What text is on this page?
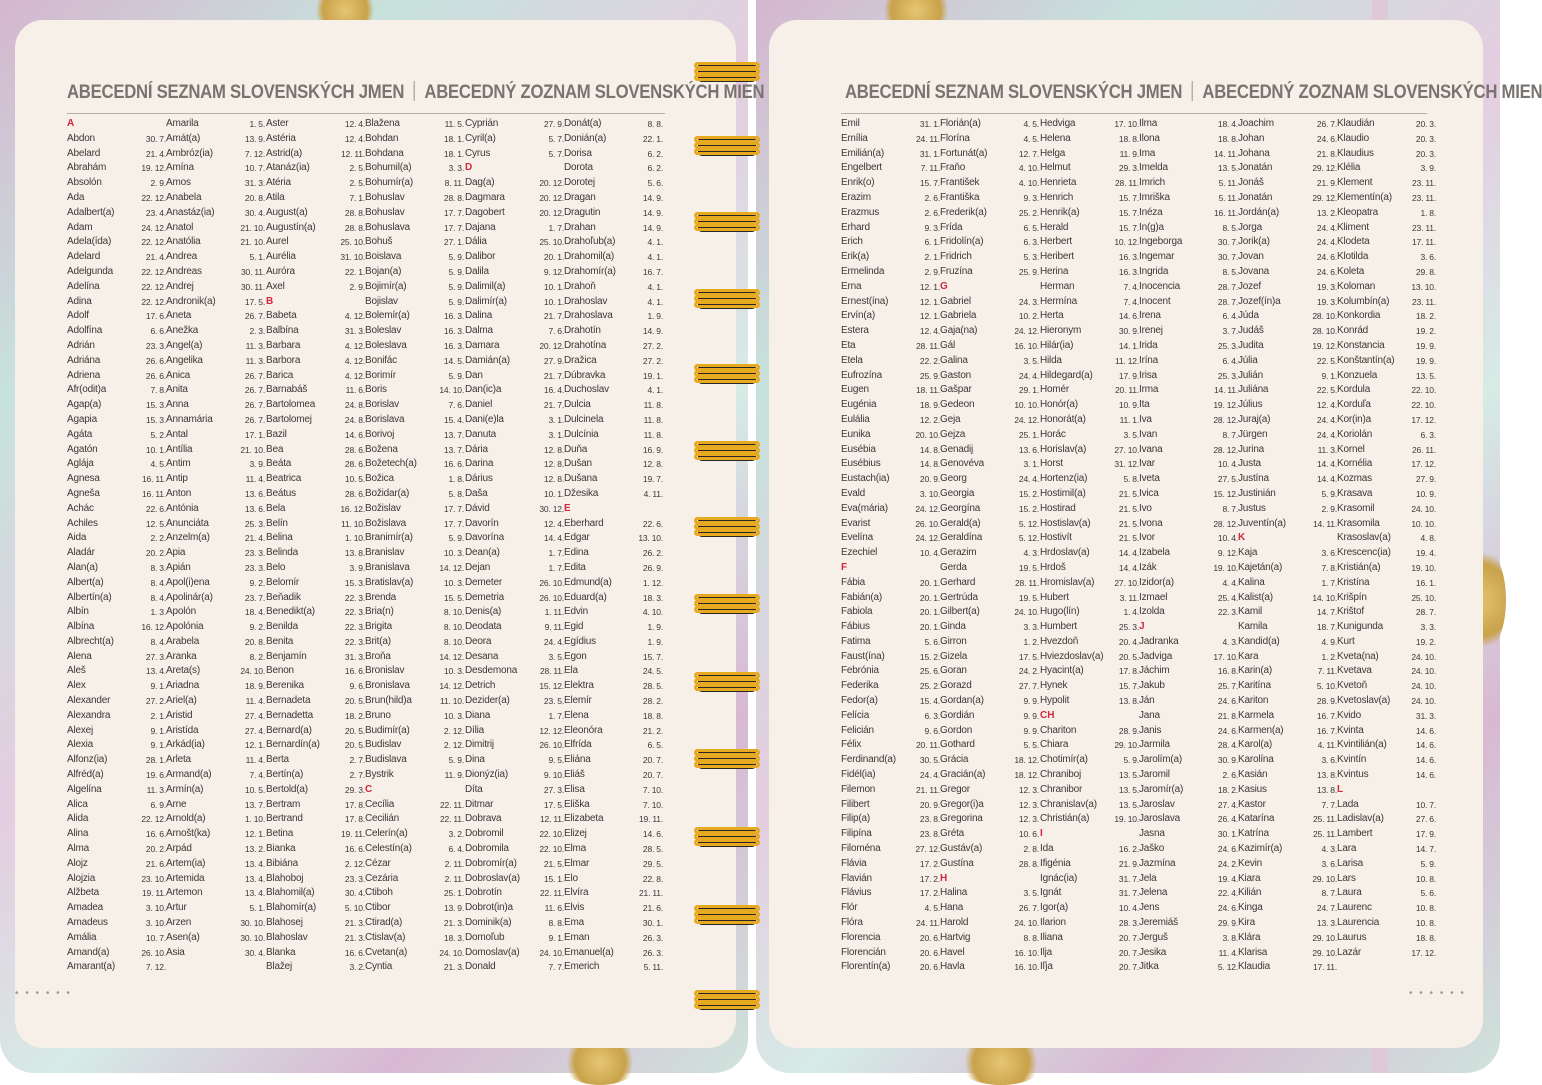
ABECEDNÍ SEZNAM SLOVENSKÝCH JMEN ABECEDNÝ ZOZNAM SLOVENSKÝCH MIEN
A
Abdon	30. 7.
Abelard	21. 4.
Abrahám	19. 12.
Absolón	2. 9.
Ada	22. 12.
Adalbert(a)	23. 4.
Adam	24. 12.
Adela(ída)	22. 12.
Adelard	21. 4.
Adelgunda	22. 12.
Adelína	22. 12.
Adina	22. 12.
Adolf	17. 6.
Adolfína	6. 6.
Adrián	23. 3.
Adriána	26. 6.
Adriena	26. 6.
Afr(odit)a	7. 8.
Agap(a)	15. 3.
Agapia	15. 3.
Agáta	5. 2.
Agatón	10. 1.
Aglája	4. 5.
Agnesa	16. 11.
Agneša	16. 11.
Achác	22. 6.
Achiles	12. 5.
Aida	2. 2.
Aladár	20. 2.
Alan(a)	8. 3.
Albert(a)	8. 4.
Albertín(a)	8. 4.
Albín	1. 3.
Albína	16. 12.
Albrecht(a)	8. 4.
Alena	27. 3.
Aleš	13. 4.
Alex	9. 1.
Alexander	27. 2.
Alexandra	2. 1.
Alexej	9. 1.
Alexia	9. 1.
Alfonz(ia)	28. 1.
Alfréd(a)	19. 6.
Algelína	11. 3.
Alica	6. 9.
Alida	22. 12.
Alina	16. 6.
Alma	20. 2.
Alojz	21. 6.
Alojzia	23. 10.
Alžbeta	19. 11.
Amadea	3. 10.
Amadeus	3. 10.
Amália	10. 7.
Amand(a)	26. 10.
Amarant(a)	7. 12.
Amarila	1. 5.
Amát(a)	13. 9.
Ambróz(ia)	7. 12.
Amína	10. 7.
Amos	31. 3.
Anabela	20. 8.
Anastáz(ia)	30. 4.
Anatol	21. 10.
Anatólia	21. 10.
Andrea	5. 1.
Andreas	30. 11.
Andrej	30. 11.
Andronik(a)	17. 5.
Aneta	26. 7.
Anežka	2. 3.
Angel(a)	11. 3.
Angelika	11. 3.
Anica	26. 7.
Anita	26. 7.
Anna	26. 7.
Annamária	26. 7.
Antal	17. 1.
Antília	21. 10.
Antim	3. 9.
Antip	11. 4.
Anton	13. 6.
Antónia	13. 6.
Anunciáta	25. 3.
Anzelm(a)	21. 4.
Apia	23. 3.
Apián	23. 3.
Apol(i)ena	9. 2.
Apolinár(a)	23. 7.
Apolón	18. 4.
Apolónia	9. 2.
Arabela	20. 8.
Aranka	8. 2.
Areta(s)	24. 10.
Ariadna	18. 9.
Ariel(a)	11. 4.
Aristid	27. 4.
Aristída	27. 4.
Arkád(ia)	12. 1.
Arleta	11. 4.
Armand(a)	7. 4.
Armín(a)	10. 5.
Arne	13. 7.
Arnold(a)	1. 10.
Arnošt(ka)	12. 1.
Arpád	13. 2.
Artem(ia)	13. 4.
Artemida	13. 4.
Artemon	13. 4.
Artur	5. 1.
Arzen	30. 10.
Asen(a)	30. 10.
Asia	30. 4.
Aster	12. 4.
Astéria	12. 4.
Astrid(a)	12. 11.
Atanáz(ia)	2. 5.
Atéria	2. 5.
Atila	7. 1.
August(a)	28. 8.
Augustín(a)	28. 8.
Aurel	25. 10.
Aurélia	31. 10.
Auróra	22. 1.
Axel	2. 9.
B
Babeta	4. 12.
Balbína	31. 3.
Barbara	4. 12.
Barbora	4. 12.
Barica	4. 12.
Barnabáš	11. 6.
Bartolomea	24. 8.
Bartolomej	24. 8.
Bazil	14. 6.
Bea	28. 6.
Beáta	28. 6.
Beatrica	10. 5.
Beátus	28. 6.
Bela	16. 12.
Belín	11. 10.
Belina	1. 10.
Belinda	13. 8.
Belo	3. 9.
Belomír	15. 3.
Beňadik	22. 3.
Benedikt(a)	22. 3.
Benilda	22. 3.
Benita	22. 3.
Benjamín	31. 3.
Benon	16. 6.
Berenika	9. 6.
Bernadeta	20. 5.
Bernadetta	18. 2.
Bernard(a)	20. 5.
Bernardín(a)	20. 5.
Berta	2. 7.
Bertín(a)	2. 7.
Bertold(a)	29. 3.
Bertram	17. 8.
Bertrand	17. 8.
Betina	19. 11.
Bianka	16. 6.
Bibiána	2. 12.
Blahoboj	23. 3.
Blahomil(a)	30. 4.
Blahomír(a)	5. 10.
Blahosej	21. 3.
Blahoslav	21. 3.
Blanka	16. 6.
Blažej	3. 2.
Blažena	11. 5.
Bohdan	18. 1.
Bohdana	18. 1.
Bohumil(a)	3. 3.
Bohumír(a)	8. 11.
Bohuslav	28. 8.
Bohuslav	17. 7.
Bohuslava	17. 7.
Bohuš	27. 1.
Boislava	5. 9.
Bojan(a)	5. 9.
Bojimír(a)	5. 9.
Bojislav	5. 9.
Bolemír(a)	16. 3.
Boleslav	16. 3.
Boleslava	16. 3.
Bonifác	14. 5.
Borimír	5. 9.
Boris	14. 10.
Borislav	7. 6.
Borislava	15. 4.
Borivoj	13. 7.
Božena	13. 7.
Božetech(a)	16. 6.
Božica	1. 8.
Božidar(a)	5. 8.
Božislav	17. 7.
Božislava	17. 7.
Branimír(a)	5. 9.
Branislav	10. 3.
Branislava	14. 12.
Bratislav(a)	10. 3.
Brenda	15. 5.
Bria(n)	8. 10.
Brigita	8. 10.
Brit(a)	8. 10.
Broňa	14. 12.
Bronislav	10. 3.
Bronislava	14. 12.
Brun(hild)a	11. 10.
Bruno	10. 3.
Budimír(a)	2. 12.
Budislav	2. 12.
Budislava	5. 9.
Bystrik	11. 9.
C
Cecília	22. 11.
Cecilián	22. 11.
Celerín(a)	3. 2.
Celestín(a)	6. 4.
Cézar	2. 11.
Cezária	2. 11.
Ctiboh	25. 1.
Ctibor	13. 9.
Ctirad(a)	21. 3.
Ctislav(a)	18. 3.
Cvetan(a)	24. 10.
Cyntia	21. 3.
Cyprián	27. 9.
Cyril(a)	5. 7.
Cyrus	5. 7.
D
Dag(a)	20. 12.
Dagmara	20. 12.
Dagobert	20. 12.
Dajana	1. 7.
Dália	25. 10.
Dalibor	20. 1.
Dalila	9. 12.
Dalimil(a)	10. 1.
Dalimír(a)	10. 1.
Dalina	21. 7.
Dalma	7. 6.
Damara	20. 12.
Damián(a)	27. 9.
Dan	21. 7.
Dan(ic)a	16. 4.
Daniel	21. 7.
Dani(e)la	3. 1.
Danuta	3. 1.
Dária	12. 8.
Darina	12. 8.
Dárius	12. 8.
Daša	10. 1.
Dávid	30. 12.
Davorín	12. 4.
Davorína	14. 4.
Dean(a)	1. 7.
Dejan	1. 7.
Demeter	26. 10.
Demetria	26. 10.
Denis(a)	1. 11.
Deodata	9. 11.
Deora	24. 4.
Desana	3. 5.
Desdemona	28. 11.
Detrich	15. 12.
Dezider(a)	23. 5.
Diana	1. 7.
Dília	12. 12.
Dimitrij	26. 10.
Dina	9. 5.
Dionýz(ia)	9. 10.
Díta	27. 3.
Ditmar	17. 5.
Dobrava	12. 11.
Dobromil	22. 10.
Dobromila	22. 10.
Dobromír(a)	21. 5.
Dobroslav(a)	15. 1.
Dobrotín	22. 11.
Dobrot(in)a	11. 6.
Dominik(a)	8. 8.
Domoľub	9. 1.
Domoslav(a) 24. 10.
Donald	7. 7.
Donát(a)	8. 8.
Donián(a)	22. 1.
Dorisa	6. 2.
Dorota	6. 2.
Dorotej	5. 6.
Dragan	14. 9.
Dragutin	14. 9.
Drahan	14. 9.
Drahoľub(a)	4. 1.
Drahomil(a)	4. 1.
Drahomír(a)	16. 7.
Drahoň	4. 1.
Drahoslav	4. 1.
Drahoslava	1. 9.
Drahotín	14. 9.
Drahotína	27. 2.
Dražica	27. 2.
Dúbravka	19. 1.
Duchoslav	4. 1.
Dulcia	11. 8.
Dulcinela	11. 8.
Dulcínia	11. 8.
Duňa	16. 9.
Dušan	12. 8.
Dušana	19. 7.
Džesika	4. 11.
E
Eberhard	22. 6.
Edgar	13. 10.
Edina	26. 2.
Edita	26. 9.
Edmund(a)	1. 12.
Eduard(a)	18. 3.
Edvin	4. 10.
Egid	1. 9.
Egídius	1. 9.
Egon	15. 7.
Ela	24. 5.
Elektra	28. 5.
Elemír	28. 2.
Elena	18. 8.
Eleonóra	21. 2.
Elfrída	6. 5.
Eliána	20. 7.
Eliáš	20. 7.
Elisa	7. 10.
Eliška	7. 10.
Elizabeta	19. 11.
Elizej	14. 6.
Elma	28. 5.
Elmar	29. 5.
Elo	22. 8.
Elvíra	21. 11.
Elvis	21. 6.
Ema	30. 1.
Eman	26. 3.
Emanuel(a)	26. 3.
Emerich	5. 11.
• • • • • •
ABECEDNÍ SEZNAM SLOVENSKÝCH JMEN ABECEDNÝ ZOZNAM SLOVENSKÝCH MIEN
Emil	31. 1.
Emília	24. 11.
Emilián(a)	31. 1.
Engelbert	7. 11.
Enrik(o)	15. 7.
Erazim	2. 6.
Erazmus	2. 6.
Erhard	9. 3.
Erich	6. 1.
Erik(a)	2. 1.
Ermelinda	2. 9.
Erna	12. 1.
Ernest(ína)	12. 1.
Ervín(a)	12. 1.
Estera	12. 4.
Eta	28. 11.
Etela	22. 2.
Eufrozína	25. 9.
Eugen	18. 11.
Eugénia	18. 9.
Eulália	12. 2.
Eunika	20. 10.
Eusébia	14. 8.
Eusébius	14. 8.
Eustach(ia)	20. 9.
Evald	3. 10.
Eva(mária)	24. 12.
Evarist	26. 10.
Evelína	24. 12.
Ezechiel	10. 4.
F
Fábia	20. 1.
Fabián(a)	20. 1.
Fabiola	20. 1.
Fábius	20. 1.
Fatima	5. 6.
Faust(ína)	15. 2.
Febrónia	25. 6.
Federika	25. 2.
Fedor(a)	15. 4.
Felícia	6. 3.
Felicián	9. 6.
Félix	20. 11.
Ferdinand(a)	30. 5.
Fidél(ia)	24. 4.
Filemon	21. 11.
Filibert	20. 9.
Filip(a)	23. 8.
Filipína	23. 8.
Filoména	27. 12.
Flávia	17. 2.
Flavián	17. 2.
Flávius	17. 2.
Flór	4. 5.
Flóra	24. 11.
Florencia	20. 6.
Florencián	20. 6.
Florentín(a)	20. 6.
Florián(a)	4. 5.
Florína	4. 5.
Fortunát(a)	12. 7.
Fraňo	4. 10.
František	4. 10.
Františka	9. 3.
Frederik(a)	25. 2.
Frída	6. 5.
Fridolín(a)	6. 3.
Fridrich	5. 3.
Fruzína	25. 9.
G
Gabriel	24. 3.
Gabriela	10. 2.
Gaja(na)	24. 12.
Gál	16. 10.
Galina	3. 5.
Gaston	24. 4.
Gašpar	29. 1.
Gedeon	10. 10.
Geja	24. 12.
Gejza	25. 1.
Genadij	13. 6.
Genovéva	3. 1.
Georg	24. 4.
Georgia	15. 2.
Georgína	15. 2.
Gerald(a)	5. 12.
Geraldína	5. 12.
Gerazim	4. 3.
Gerda	19. 5.
Gerhard	28. 11.
Gertrúda	19. 5.
Gilbert(a)	24. 10.
Ginda	3. 3.
Girron	1. 2.
Gizela	17. 5.
Goran	24. 2.
Gorazd	27. 7.
Gordan(a)	9. 9.
Gordián	9. 9.
Gordon	9. 9.
Gothard	5. 5.
Grácia	18. 12.
Gracián(a)	18. 12.
Gregor	12. 3.
Gregor(i)a	12. 3.
Gregorina	12. 3.
Gréta	10. 6.
Gustáv(a)	2. 8.
Gustína	28. 8.
H
Halina	3. 5.
Hana	26. 7.
Harold	24. 10.
Hartvig	8. 8.
Havel	16. 10.
Havla	16. 10.
Hedviga	17. 10.
Helena	18. 8.
Helga	11. 9.
Helmut	29. 3.
Henrieta	28. 11.
Henrich	15. 7.
Henrik(a)	15. 7.
Herald	15. 7.
Herbert	10. 12.
Heribert	16. 3.
Herina	16. 3.
Herman	7. 4.
Hermína	7. 4.
Herta	14. 6.
Hieronym	30. 9.
Hilár(ia)	14. 1.
Hilda	11. 12.
Hildegard(a)	17. 9.
Homér	20. 11.
Honór(a)	10. 9.
Honorát(a)	11. 1.
Horác	3. 5.
Horislav(a)	27. 10.
Horst	31. 12.
Hortenz(ia)	5. 8.
Hostimil(a)	21. 5.
Hostirad	21. 5.
Hostislav(a)	21. 5.
Hostivít	21. 5.
Hrdoslav(a)	14. 4.
Hrdoš	14. 4.
Hromislav(a) 27. 10.
Hubert	3. 11.
Hugo(lín)	1. 4.
Humbert	25. 3.
Hvezdoň	20. 4.
Hviezdoslav(a) 20. 5.
Hyacint(a)	17. 8.
Hynek	15. 7.
Hypolit	13. 8.
CH
Chariton	28. 9.
Chiara	29. 10.
Chotimír(a)	5. 9.
Chraniboj	13. 5.
Chranibor	13. 5.
Chranislav(a)	13. 5.
Christián(a)	19. 10.
I
Ida	16. 2.
Ifigénia	21. 9.
Ignác(ia)	31. 7.
Ignát	31. 7.
Igor(a)	10. 4.
Ilarion	28. 3.
Iliana	20. 7.
Ilja	20. 7.
Iľja	20. 7.
Ilma	18. 4.
Ilona	18. 8.
Ima	14. 11.
Imelda	13. 5.
Imrich	5. 11.
Imriška	5. 11.
Inéza	16. 11.
In(g)a	8. 5.
Ingeborga	30. 7.
Ingemar	30. 7.
Ingrida	8. 5.
Inocencia	28. 7.
Inocent	28. 7.
Irena	6. 4.
Irenej	3. 7.
Irida	25. 3.
Irína	6. 4.
Irisa	25. 3.
Irma	14. 11.
Ita	19. 12.
Iva	28. 12.
Ivan	8. 7.
Ivana	28. 12.
Ivar	10. 4.
Iveta	27. 5.
Ivica	15. 12.
Ivo	8. 7.
Ivona	28. 12.
Ivor	10. 4.
Izabela	9. 12.
Izák	19. 10.
Izidor(a)	4. 4.
Izmael	25. 4.
Izolda	22. 3.
J
Jadranka	4. 3.
Jadviga	17. 10.
Jáchim	16. 8.
Jakub	25. 7.
Ján	24. 6.
Jana	21. 8.
Janis	24. 6.
Jarmila	28. 4.
Jarolím(a)	30. 9.
Jaromil	2. 6.
Jaromír(a)	18. 2.
Jaroslav	27. 4.
Jaroslava	26. 4.
Jasna	30. 1.
Jaško	24. 6.
Jazmína	24. 2.
Jela	19. 4.
Jelena	22. 4.
Jens	24. 6.
Jeremiáš	29. 9.
Jerguš	3. 8.
Jesika	11. 4.
Jitka	5. 12.
Joachim	26. 7.
Johan	24. 6.
Johana	21. 8.
Jonatán	29. 12.
Jonáš	21. 9.
Jonatán	29. 12.
Jordán(a)	13. 2.
Jorga	24. 4.
Jorik(a)	24. 4.
Jovan	24. 6.
Jovana	24. 6.
Jozef	19. 3.
Jozef(ín)a	19. 3.
Júda	28. 10.
Judáš	28. 10.
Judita	19. 12.
Júlia	22. 5.
Julián	9. 1.
Juliána	22. 5.
Július	12. 4.
Juraj(a)	24. 4.
Jürgen	24. 4.
Jurina	11. 3.
Justa	14. 4.
Justína	14. 4.
Justinián	5. 9.
Justus	2. 9.
Juventín(a)	14. 11.
K
Kaja	3. 6.
Kajetán(a)	7. 8.
Kalina	1. 7.
Kalist(a)	14. 10.
Kamil	14. 7.
Kamila	18. 7.
Kandid(a)	4. 9.
Kara	1. 2.
Karin(a)	7. 11.
Karitína	5. 10.
Kariton	28. 9.
Karmela	16. 7.
Karmen(a)	16. 7.
Karol(a)	4. 11.
Karolína	3. 6.
Kasián	13. 8.
Kasius	13. 8.
Kastor	7. 7.
Katarína	25. 11.
Katrína	25. 11.
Kazimír(a)	4. 3.
Kevin	3. 6.
Kiara	29. 10.
Kilián	8. 7.
Kinga	24. 7.
Kira	13. 3.
Klára	29. 10.
Klarisa	29. 10.
Klaudia	17. 11.
Klaudián	20. 3.
Klaudio	20. 3.
Klaudius	20. 3.
Klélia	3. 9.
Klement	23. 11.
Klementín(a) 23. 11.
Kleopatra	1. 8.
Kliment	23. 11.
Klodeta	17. 11.
Klotilda	3. 6.
Koleta	29. 8.
Koloman	13. 10.
Kolumbín(a)	23. 11.
Konkordia	18. 2.
Konrád	19. 2.
Konstancia	19. 9.
Konštantín(a)	19. 9.
Konzuela	13. 5.
Kordula	22. 10.
Korduľa	22. 10.
Kor(in)a	17. 12.
Koriolán	6. 3.
Kornel	26. 11.
Kornélia	17. 12.
Kozmas	27. 9.
Krasava	10. 9.
Krasomil	24. 10.
Krasomila	10. 10.
Krasoslav(a)	4. 8.
Krescenc(ia)	19. 4.
Kristián(a)	19. 10.
Kristína	16. 1.
Krišpín	25. 10.
Krištof	28. 7.
Kunigunda	3. 3.
Kurt	19. 2.
Kveta(na)	24. 10.
Kvetava	24. 10.
Kvetoň	24. 10.
Kvetoslav(a) 24. 10.
Kvido	31. 3.
Kvinta	14. 6.
Kvintilián(a)	14. 6.
Kvintín	14. 6.
Kvintus	14. 6.
L
Lada	10. 7.
Ladislav(a)	27. 6.
Lambert	17. 9.
Lara	14. 7.
Larisa	5. 9.
Lars	10. 8.
Laura	5. 6.
Laurenc	10. 8.
Laurencia	10. 8.
Laurus	18. 8.
Lazár	17. 12.
• • • • • •
